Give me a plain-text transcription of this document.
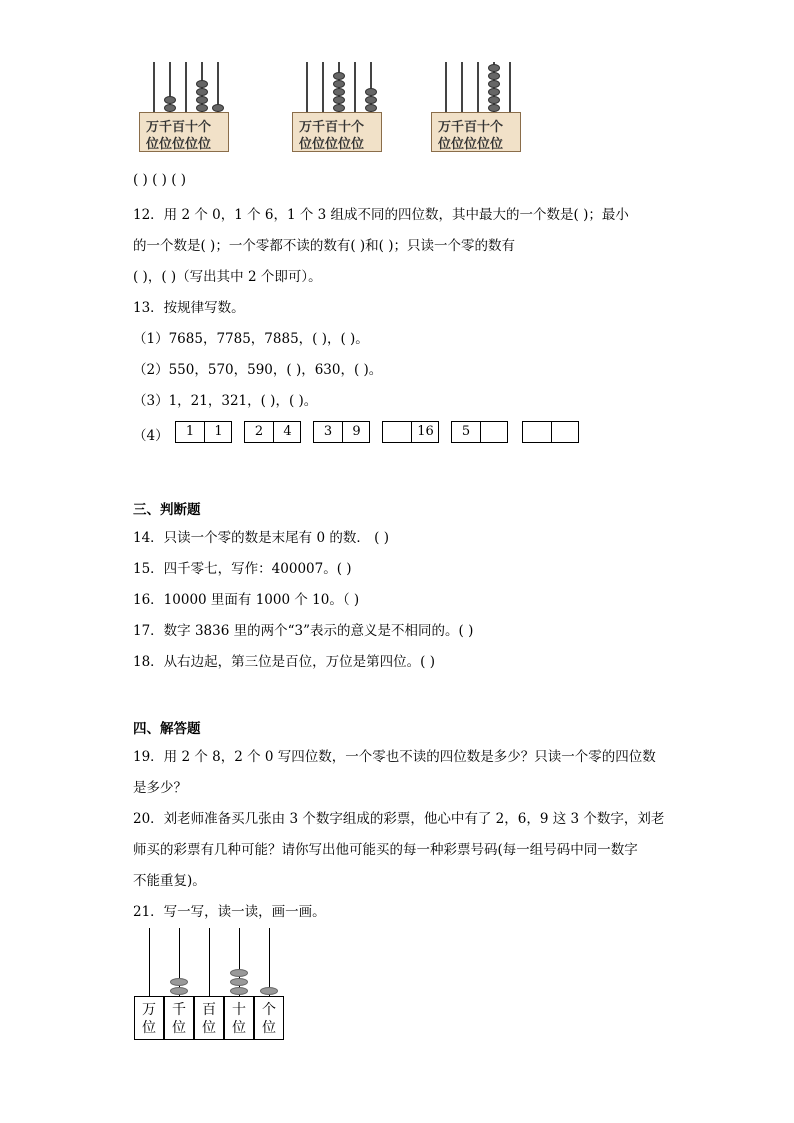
万千百十个
位位位位位
万千百十个
位位位位位
万千百十个
位位位位位
( ) ( ) ( )
12．用 2 个 0，1 个 6，1 个 3 组成不同的四位数，其中最大的一个数是( )；最小
的一个数是( )；一个零都不读的数有( )和( )；只读一个零的数有
( )，( )（写出其中 2 个即可）。
13．按规律写数。
（1）7685，7785，7885，( )，( )。
（2）550，570，590，( )，630，( )。
（3）1，21，321，( )，( )。
（4）	1	1	2	4	3	9	16	5
三、判断题
14．只读一个零的数是末尾有 0 的数． ( )
15．四千零七，写作：400007。( )
16．10000 里面有 1000 个 10。（ )
17．数字 3836 里的两个“3”表示的意义是不相同的。( )
18．从右边起，第三位是百位，万位是第四位。( )
四、解答题
19．用 2 个 8，2 个 0 写四位数，一个零也不读的四位数是多少？只读一个零的四位数
是多少？
20．刘老师准备买几张由 3 个数字组成的彩票，他心中有了 2，6，9 这 3 个数字，刘老
师买的彩票有几种可能？请你写出他可能买的每一种彩票号码(每一组号码中同一数字
不能重复)。
21．写一写，读一读，画一画。
万
位
千
位
百
位
十
位
个
位
